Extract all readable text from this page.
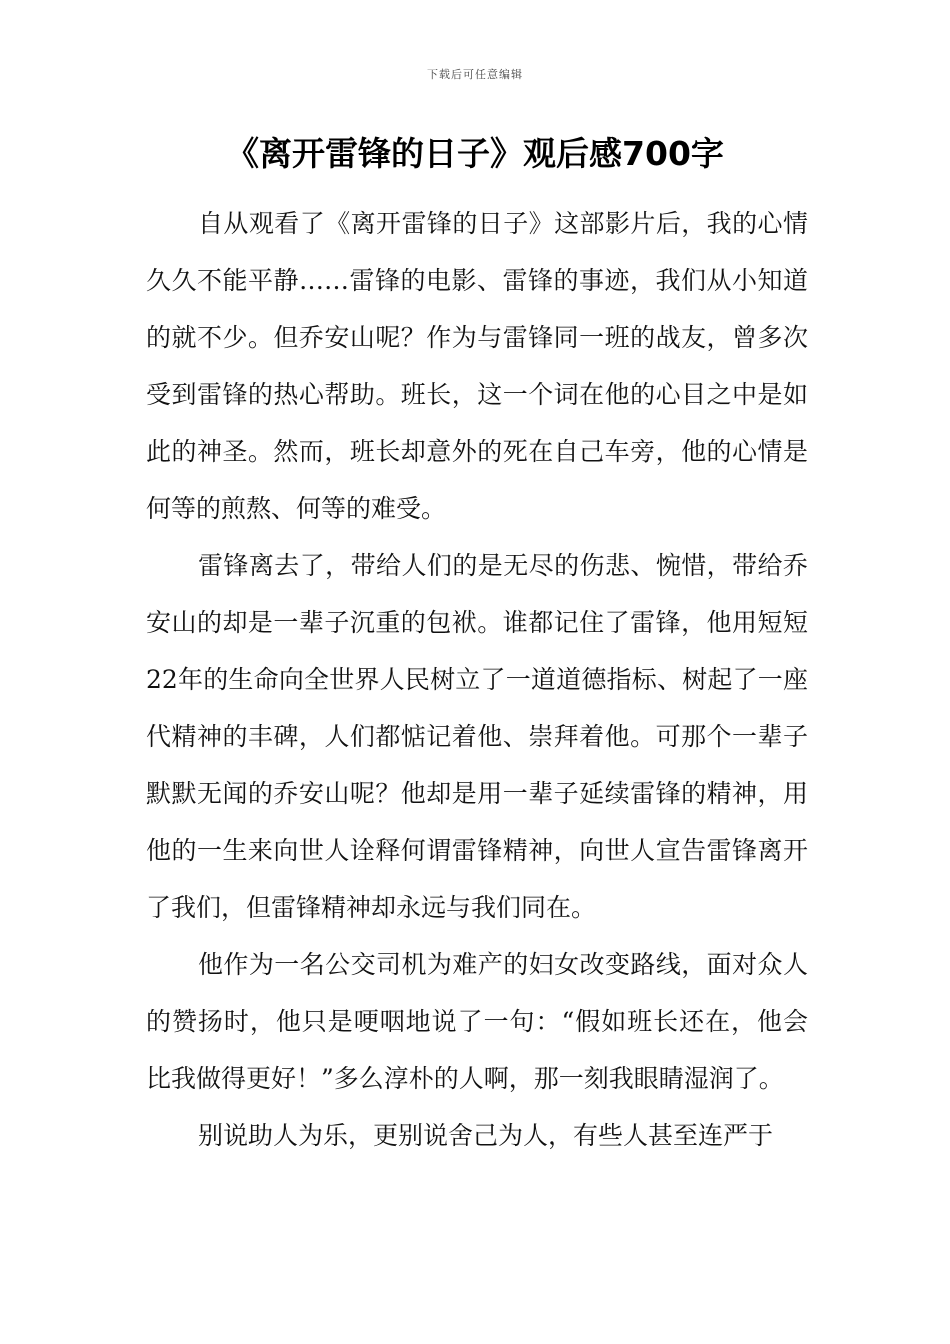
下载后可任意编辑
《离开雷锋的日子》观后感700字

自从观看了《离开雷锋的日子》这部影片后，我的心情久久不能平静……雷锋的电影、雷锋的事迹，我们从小知道的就不少。但乔安山呢？作为与雷锋同一班的战友，曾多次受到雷锋的热心帮助。班长，这一个词在他的心目之中是如此的神圣。然而，班长却意外的死在自己车旁，他的心情是何等的煎熬、何等的难受。

雷锋离去了，带给人们的是无尽的伤悲、惋惜，带给乔安山的却是一辈子沉重的包袱。谁都记住了雷锋，他用短短22年的生命向全世界人民树立了一道道德指标、树起了一座代精神的丰碑，人们都惦记着他、崇拜着他。可那个一辈子默默无闻的乔安山呢？他却是用一辈子延续雷锋的精神，用他的一生来向世人诠释何谓雷锋精神，向世人宣告雷锋离开了我们，但雷锋精神却永远与我们同在。

他作为一名公交司机为难产的妇女改变路线，面对众人的赞扬时，他只是哽咽地说了一句：“假如班长还在，他会比我做得更好！”多么淳朴的人啊，那一刻我眼睛湿润了。

别说助人为乐，更别说舍己为人，有些人甚至连严于
